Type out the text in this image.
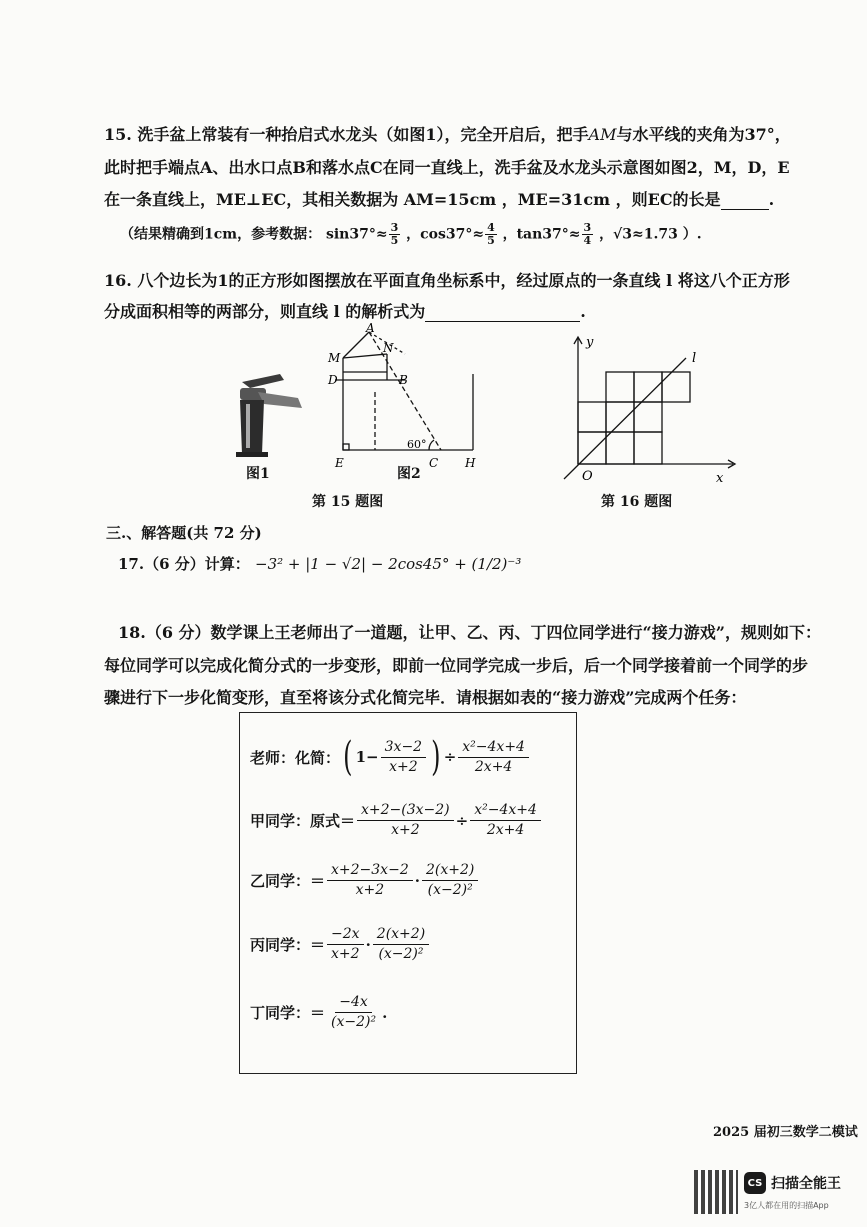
15. 洗手盆上常装有一种抬启式水龙头（如图1），完全开启后，把手AM与水平线的夹角为37°，
此时把手端点A、出水口点B和落水点C在同一直线上，洗手盆及水龙头示意图如图2，M，D，E
在一条直线上，ME⊥EC，其相关数据为 AM=15cm ，ME=31cm ，则EC的长是	.
（结果精确到1cm，参考数据： $\sin 37^\circ\approx \frac{3}{5}$ ，$\cos 37^\circ\approx \frac{4}{5}$ ，$\tan 37^\circ\approx \frac{3}{4}$ ，√3≈1.73 ）.
16. 八个边长为1的正方形如图摆放在平面直角坐标系中，经过原点的一条直线 l 将这八个正方形
分成面积相等的两部分，则直线 l 的解析式为	.
图1
A
M
N
D	B
E	C H
60°
图2
第 15 题图
y
l
O	x
第 16 题图
三.、解答题(共 72 分)
17.（6 分）计算： −3² + |1 − √2| − 2cos45° + (1/2)⁻³
18.（6 分）数学课上王老师出了一道题，让甲、乙、丙、丁四位同学进行“接力游戏”，规则如下：
每位同学可以完成化简分式的一步变形，即前一位同学完成一步后，后一个同学接着前一个同学的步
骤进行下一步化简变形，直至将该分式化简完毕．请根据如表的“接力游戏”完成两个任务：
老师：化简： ( 1−
3x−2
x+2 ) ÷
x²−4x+4
2x+4
甲同学：原式＝
x+2−(3x−2)
x+2
÷
x²−4x+4
2x+4
乙同学：＝
x+2−3x−2
x+2
·
2(x+2)
(x−2)²
丙同学：＝
−2x
x+2
·
2(x+2)
(x−2)²
丁同学：＝
−4x
(x−2)²
.
2025 届初三数学二模试
CS 扫描全能王
3亿人都在用的扫描App
